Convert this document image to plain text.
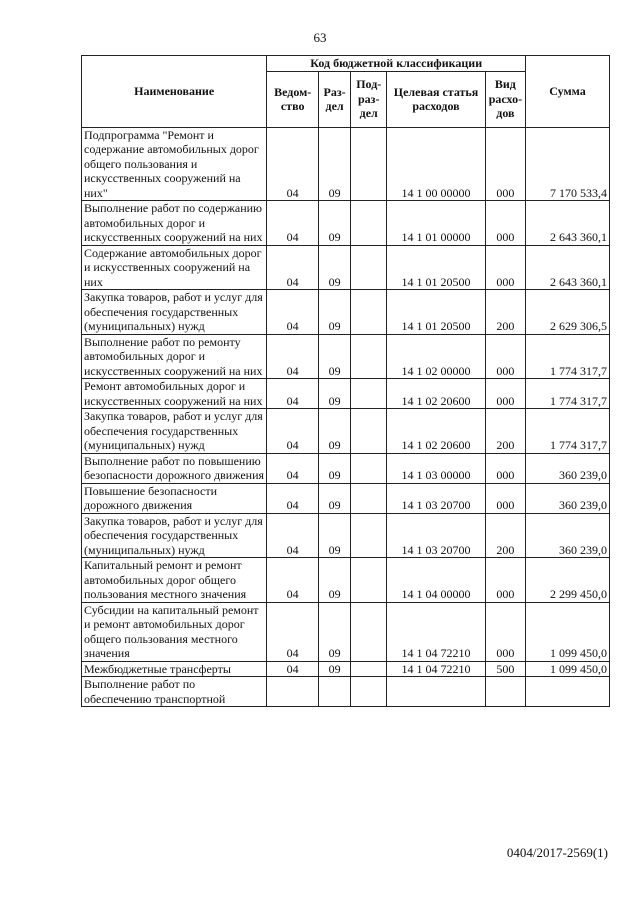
63
Наименование	Код бюджетной классификации					Сумма
	Ведом-ство	Раз-дел	Под-раз-дел	Целевая статья расходов	Вид расхо-дов	
Подпрограмма "Ремонт и содержание автомобильных дорог общего пользования и искусственных сооружений на них"	04	09		14 1 00 00000	000	7 170 533,4
Выполнение работ по содержанию автомобильных дорог и искусственных сооружений на них	04	09		14 1 01 00000	000	2 643 360,1
Содержание автомобильных дорог и искусственных сооружений на них	04	09		14 1 01 20500	000	2 643 360,1
Закупка товаров, работ и услуг для обеспечения государственных (муниципальных) нужд	04	09		14 1 01 20500	200	2 629 306,5
Выполнение работ по ремонту автомобильных дорог и искусственных сооружений на них	04	09		14 1 02 00000	000	1 774 317,7
Ремонт автомобильных дорог и искусственных сооружений на них	04	09		14 1 02 20600	000	1 774 317,7
Закупка товаров, работ и услуг для обеспечения государственных (муниципальных) нужд	04	09		14 1 02 20600	200	1 774 317,7
Выполнение работ по повышению безопасности дорожного движения	04	09		14 1 03 00000	000	360 239,0
Повышение безопасности дорожного движения	04	09		14 1 03 20700	000	360 239,0
Закупка товаров, работ и услуг для обеспечения государственных (муниципальных) нужд	04	09		14 1 03 20700	200	360 239,0
Капитальный ремонт и ремонт автомобильных дорог общего пользования местного значения	04	09		14 1 04 00000	000	2 299 450,0
Субсидии на капитальный ремонт и ремонт автомобильных дорог общего пользования местного значения	04	09		14 1 04 72210	000	1 099 450,0
Межбюджетные трансферты	04	09		14 1 04 72210	500	1 099 450,0
Выполнение работ по обеспечению транспортной						
0404/2017-2569(1)
